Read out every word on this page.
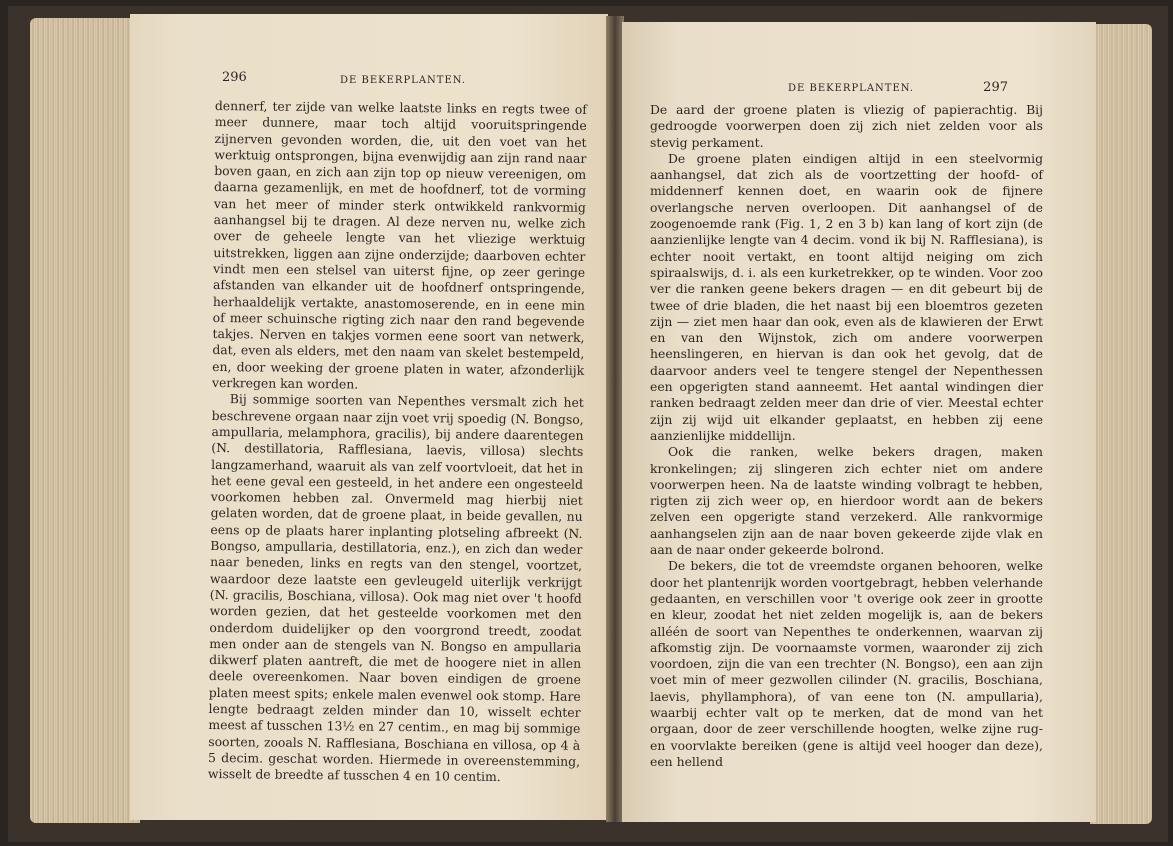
296	DE BEKERPLANTEN.

dennerf, ter zijde van welke laatste links en regts twee of meer dunnere, maar toch altijd vooruitspringende zijnerven gevonden worden, die, uit den voet van het werktuig ontsprongen, bijna evenwijdig aan zijn rand naar boven gaan, en zich aan zijn top op nieuw vereenigen, om daarna gezamenlijk, en met de hoofdnerf, tot de vorming van het meer of minder sterk ontwikkeld rankvormig aanhangsel bij te dragen. Al deze nerven nu, welke zich over de geheele lengte van het vliezige werktuig uitstrekken, liggen aan zijne onderzijde; daarboven echter vindt men een stelsel van uiterst fijne, op zeer geringe afstanden van elkander uit de hoofdnerf ontspringende, herhaaldelijk vertakte, anastomoserende, en in eene min of meer schuinsche rigting zich naar den rand begevende takjes. Nerven en takjes vormen eene soort van netwerk, dat, even als elders, met den naam van skelet bestempeld, en, door weeking der groene platen in water, afzonderlijk verkregen kan worden.

Bij sommige soorten van Nepenthes versmalt zich het beschrevene orgaan naar zijn voet vrij spoedig (N. Bongso, ampullaria, melamphora, gracilis), bij andere daarentegen (N. destillatoria, Rafflesiana, laevis, villosa) slechts langzamerhand, waaruit als van zelf voortvloeit, dat het in het eene geval een gesteeld, in het andere een ongesteeld voorkomen hebben zal. Onvermeld mag hierbij niet gelaten worden, dat de groene plaat, in beide gevallen, nu eens op de plaats harer inplanting plotseling afbreekt (N. Bongso, ampullaria, destillatoria, enz.), en zich dan weder naar beneden, links en regts van den stengel, voortzet, waardoor deze laatste een gevleugeld uiterlijk verkrijgt (N. gracilis, Boschiana, villosa). Ook mag niet over 't hoofd worden gezien, dat het gesteelde voorkomen met den onderdom duidelijker op den voorgrond treedt, zoodat men onder aan de stengels van N. Bongso en ampullaria dikwerf platen aantreft, die met de hoogere niet in allen deele overeenkomen. Naar boven eindigen de groene platen meest spits; enkele malen evenwel ook stomp. Hare lengte bedraagt zelden minder dan 10, wisselt echter meest af tusschen 13½ en 27 centim., en mag bij sommige soorten, zooals N. Rafflesiana, Boschiana en villosa, op 4 à 5 decim. geschat worden. Hiermede in overeenstemming, wisselt de breedte af tusschen 4 en 10 centim.

DE BEKERPLANTEN.	297

De aard der groene platen is vliezig of papierachtig. Bij gedroogde voorwerpen doen zij zich niet zelden voor als stevig perkament.

De groene platen eindigen altijd in een steelvormig aanhangsel, dat zich als de voortzetting der hoofd- of middennerf kennen doet, en waarin ook de fijnere overlangsche nerven overloopen. Dit aanhangsel of de zoogenoemde rank (Fig. 1, 2 en 3 b) kan lang of kort zijn (de aanzienlijke lengte van 4 decim. vond ik bij N. Rafflesiana), is echter nooit vertakt, en toont altijd neiging om zich spiraalswijs, d. i. als een kurketrekker, op te winden. Voor zoo ver die ranken geene bekers dragen — en dit gebeurt bij de twee of drie bladen, die het naast bij een bloemtros gezeten zijn — ziet men haar dan ook, even als de klawieren der Erwt en van den Wijnstok, zich om andere voorwerpen heenslingeren, en hiervan is dan ook het gevolg, dat de daarvoor anders veel te tengere stengel der Nepenthessen een opgerigten stand aanneemt. Het aantal windingen dier ranken bedraagt zelden meer dan drie of vier. Meestal echter zijn zij wijd uit elkander geplaatst, en hebben zij eene aanzienlijke middellijn.

Ook die ranken, welke bekers dragen, maken kronkelingen; zij slingeren zich echter niet om andere voorwerpen heen. Na de laatste winding volbragt te hebben, rigten zij zich weer op, en hierdoor wordt aan de bekers zelven een opgerigte stand verzekerd. Alle rankvormige aanhangselen zijn aan de naar boven gekeerde zijde vlak en aan de naar onder gekeerde bolrond.

De bekers, die tot de vreemdste organen behooren, welke door het plantenrijk worden voortgebragt, hebben velerhande gedaanten, en verschillen voor 't overige ook zeer in grootte en kleur, zoodat het niet zelden mogelijk is, aan de bekers alléén de soort van Nepenthes te onderkennen, waarvan zij afkomstig zijn. De voornaamste vormen, waaronder zij zich voordoen, zijn die van een trechter (N. Bongso), een aan zijn voet min of meer gezwollen cilinder (N. gracilis, Boschiana, laevis, phyllamphora), of van eene ton (N. ampullaria), waarbij echter valt op te merken, dat de mond van het orgaan, door de zeer verschillende hoogten, welke zijne rug- en voorvlakte bereiken (gene is altijd veel hooger dan deze), een hellend
